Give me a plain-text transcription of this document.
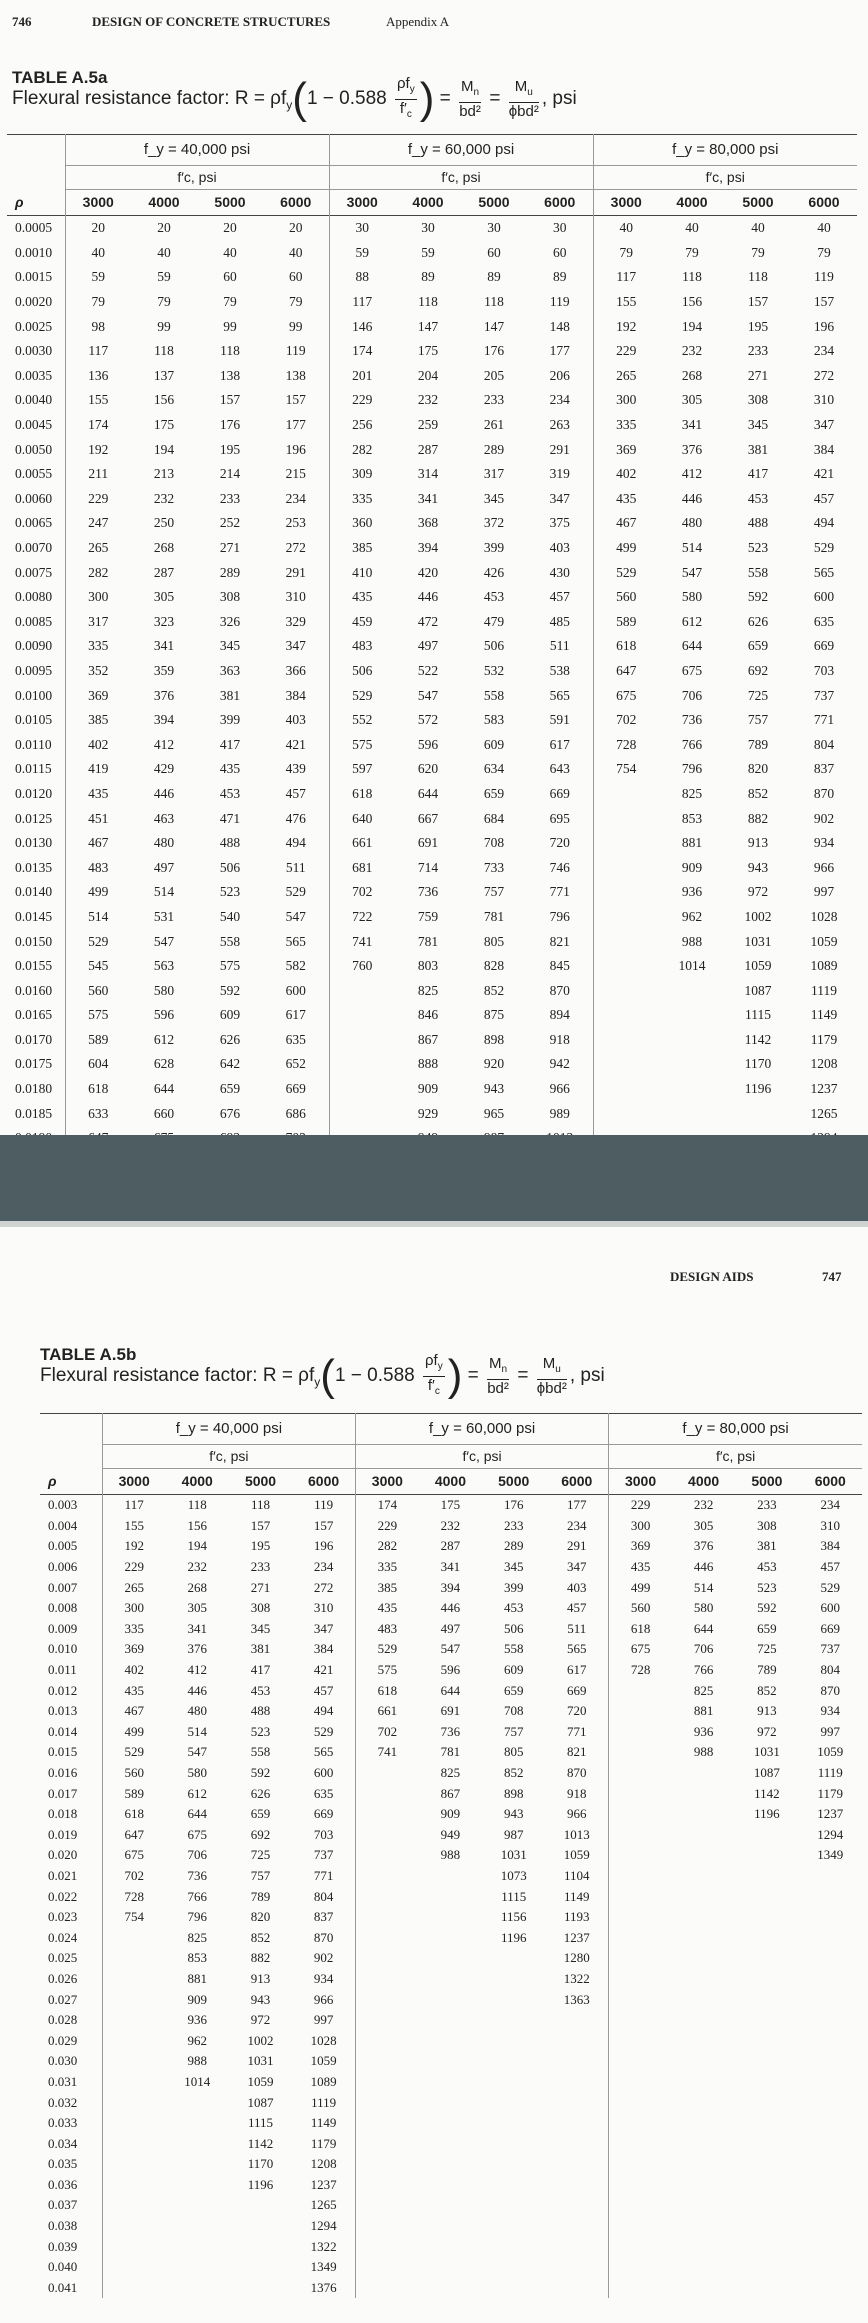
746	DESIGN OF CONCRETE STRUCTURES	Appendix A
TABLE A.5a
Flexural resistance factor: $R = \rho f_y(1 - 0.588 \frac{\rho f_y}{f'_c}$ ) = $\frac{M_n}{\text{bd²}} = \frac{M_u}{\text{ϕbd²}}$ , psi
	f_y = 40,000 psi				f_y = 60,000 psi				f_y = 80,000 psi			
	f′c, psi				f′c, psi				f′c, psi			
ρ	3000	4000	5000	6000	3000	4000	5000	6000	3000	4000	5000	6000
0.0005	20	20	20	20	30	30	30	30	40	40	40	40
0.0010	40	40	40	40	59	59	60	60	79	79	79	79
0.0015	59	59	60	60	88	89	89	89	117	118	118	119
0.0020	79	79	79	79	117	118	118	119	155	156	157	157
0.0025	98	99	99	99	146	147	147	148	192	194	195	196
0.0030	117	118	118	119	174	175	176	177	229	232	233	234
0.0035	136	137	138	138	201	204	205	206	265	268	271	272
0.0040	155	156	157	157	229	232	233	234	300	305	308	310
0.0045	174	175	176	177	256	259	261	263	335	341	345	347
0.0050	192	194	195	196	282	287	289	291	369	376	381	384
0.0055	211	213	214	215	309	314	317	319	402	412	417	421
0.0060	229	232	233	234	335	341	345	347	435	446	453	457
0.0065	247	250	252	253	360	368	372	375	467	480	488	494
0.0070	265	268	271	272	385	394	399	403	499	514	523	529
0.0075	282	287	289	291	410	420	426	430	529	547	558	565
0.0080	300	305	308	310	435	446	453	457	560	580	592	600
0.0085	317	323	326	329	459	472	479	485	589	612	626	635
0.0090	335	341	345	347	483	497	506	511	618	644	659	669
0.0095	352	359	363	366	506	522	532	538	647	675	692	703
0.0100	369	376	381	384	529	547	558	565	675	706	725	737
0.0105	385	394	399	403	552	572	583	591	702	736	757	771
0.0110	402	412	417	421	575	596	609	617	728	766	789	804
0.0115	419	429	435	439	597	620	634	643	754	796	820	837
0.0120	435	446	453	457	618	644	659	669		825	852	870
0.0125	451	463	471	476	640	667	684	695		853	882	902
0.0130	467	480	488	494	661	691	708	720		881	913	934
0.0135	483	497	506	511	681	714	733	746		909	943	966
0.0140	499	514	523	529	702	736	757	771		936	972	997
0.0145	514	531	540	547	722	759	781	796		962	1002	1028
0.0150	529	547	558	565	741	781	805	821		988	1031	1059
0.0155	545	563	575	582	760	803	828	845		1014	1059	1089
0.0160	560	580	592	600		825	852	870			1087	1119
0.0165	575	596	609	617		846	875	894			1115	1149
0.0170	589	612	626	635		867	898	918			1142	1179
0.0175	604	628	642	652		888	920	942			1170	1208
0.0180	618	644	659	669		909	943	966			1196	1237
0.0185	633	660	676	686		929	965	989				1265

DESIGN AIDS	747
TABLE A.5b
Flexural resistance factor: $R = \rho f_y(1 - 0.588 \frac{\rho f_y}{f'_c}$ ) = $\frac{M_n}{\text{bd²}} = \frac{M_u}{\text{ϕbd²}}$ , psi
	f_y = 40,000 psi				f_y = 60,000 psi				f_y = 80,000 psi			
	f′c, psi				f′c, psi				f′c, psi			
ρ	3000	4000	5000	6000	3000	4000	5000	6000	3000	4000	5000	6000
0.003	117	118	118	119	174	175	176	177	229	232	233	234
0.004	155	156	157	157	229	232	233	234	300	305	308	310
0.005	192	194	195	196	282	287	289	291	369	376	381	384
0.006	229	232	233	234	335	341	345	347	435	446	453	457
0.007	265	268	271	272	385	394	399	403	499	514	523	529
0.008	300	305	308	310	435	446	453	457	560	580	592	600
0.009	335	341	345	347	483	497	506	511	618	644	659	669
0.010	369	376	381	384	529	547	558	565	675	706	725	737
0.011	402	412	417	421	575	596	609	617	728	766	789	804
0.012	435	446	453	457	618	644	659	669		825	852	870
0.013	467	480	488	494	661	691	708	720		881	913	934
0.014	499	514	523	529	702	736	757	771		936	972	997
0.015	529	547	558	565	741	781	805	821		988	1031	1059
0.016	560	580	592	600		825	852	870			1087	1119
0.017	589	612	626	635		867	898	918			1142	1179
0.018	618	644	659	669		909	943	966			1196	1237
0.019	647	675	692	703		949	987	1013				1294
0.020	675	706	725	737		988	1031	1059				1349
0.021	702	736	757	771			1073	1104				
0.022	728	766	789	804			1115	1149				
0.023	754	796	820	837			1156	1193				
0.024		825	852	870			1196	1237				
0.025		853	882	902				1280				
0.026		881	913	934				1322				
0.027		909	943	966				1363				
0.028		936	972	997								
0.029		962	1002	1028								
0.030		988	1031	1059								
0.031		1014	1059	1089								
0.032			1087	1119								
0.033			1115	1149								
0.034			1142	1179								
0.035			1170	1208								
0.036			1196	1237								
0.037				1265								
0.038				1294								
0.039				1322								
0.040				1349								
0.041				1376								
